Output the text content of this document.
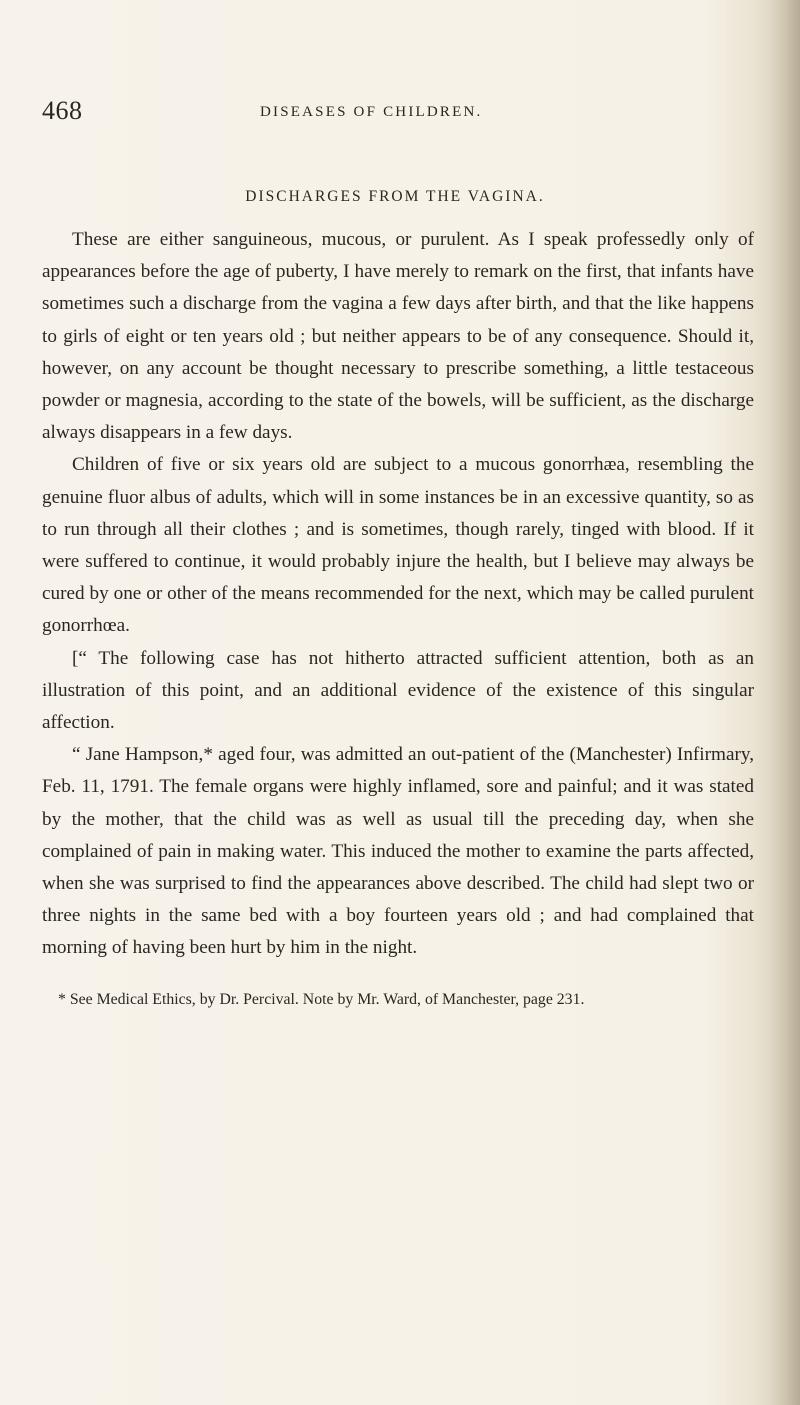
468	DISEASES OF CHILDREN.
DISCHARGES FROM THE VAGINA.

These are either sanguineous, mucous, or purulent. As I speak professedly only of appearances before the age of puberty, I have merely to remark on the first, that infants have sometimes such a discharge from the vagina a few days after birth, and that the like happens to girls of eight or ten years old ; but neither appears to be of any consequence. Should it, however, on any account be thought necessary to prescribe something, a little testaceous powder or magnesia, according to the state of the bowels, will be sufficient, as the discharge always disappears in a few days.

Children of five or six years old are subject to a mucous gonorrhæa, resembling the genuine fluor albus of adults, which will in some instances be in an excessive quantity, so as to run through all their clothes ; and is sometimes, though rarely, tinged with blood. If it were suffered to continue, it would probably injure the health, but I believe may always be cured by one or other of the means recommended for the next, which may be called purulent gonorrhœa.

[“ The following case has not hitherto attracted sufficient attention, both as an illustration of this point, and an additional evidence of the existence of this singular affection.

“ Jane Hampson,* aged four, was admitted an out-patient of the (Manchester) Infirmary, Feb. 11, 1791. The female organs were highly inflamed, sore and painful; and it was stated by the mother, that the child was as well as usual till the preceding day, when she complained of pain in making water. This induced the mother to examine the parts affected, when she was surprised to find the appearances above described. The child had slept two or three nights in the same bed with a boy fourteen years old ; and had complained that morning of having been hurt by him in the night.

* See Medical Ethics, by Dr. Percival. Note by Mr. Ward, of Manchester, page 231.
